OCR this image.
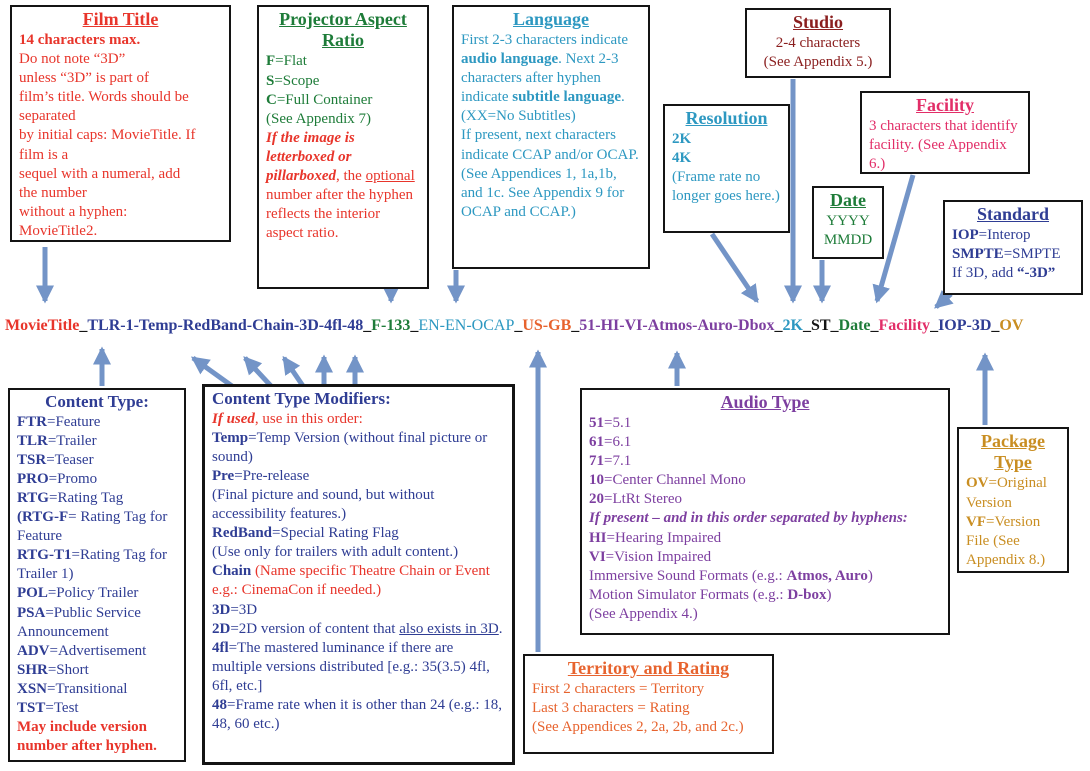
MovieTitle_TLR-1-Temp-RedBand-Chain-3D-4fl-48_F-133_EN-EN-OCAP_US-GB_51-HI-VI-Atmos-Auro-Dbox_2K_ST_Date_Facility_IOP-3D_OV
Film Title
14 characters max.
Do not note “3D”
unless “3D” is part of
film’s title. Words should be
separated
by initial caps: MovieTitle. If
film is a
sequel with a numeral, add
the number
without a hyphen:
MovieTitle2.
Projector Aspect Ratio
F=Flat
S=Scope
C=Full Container
(See Appendix 7)
If the image is letterboxed or pillarboxed, the optional number after the hyphen reflects the interior aspect ratio.
Language
First 2-3 characters indicate audio language. Next 2-3 characters after hyphen indicate subtitle language. (XX=No Subtitles)
If present, next characters indicate CCAP and/or OCAP. (See Appendices 1, 1a,1b, and 1c. See Appendix 9 for OCAP and CCAP.)
Studio
2-4 characters
(See Appendix 5.)
Resolution
2K
4K
(Frame rate no longer goes here.)
Facility
3 characters that identify facility. (See Appendix 6.)
Date
YYYY
MMDD
Standard
IOP=Interop
SMPTE=SMPTE
If 3D, add “-3D”
Content Type:
FTR=Feature
TLR=Trailer
TSR=Teaser
PRO=Promo
RTG=Rating Tag
(RTG-F= Rating Tag for Feature
RTG-T1=Rating Tag for Trailer 1)
POL=Policy Trailer
PSA=Public Service Announcement
ADV=Advertisement
SHR=Short
XSN=Transitional
TST=Test
May include version number after hyphen.
Content Type Modifiers:
If used, use in this order:
Temp=Temp Version (without final picture or sound)
Pre=Pre-release
(Final picture and sound, but without accessibility features.)
RedBand=Special Rating Flag
(Use only for trailers with adult content.)
Chain (Name specific Theatre Chain or Event e.g.: CinemaCon if needed.)
3D=3D
2D=2D version of content that also exists in 3D.
4fl=The mastered luminance if there are multiple versions distributed [e.g.: 35(3.5) 4fl, 6fl, etc.]
48=Frame rate when it is other than 24 (e.g.: 18, 48, 60 etc.)
Audio Type
51=5.1
61=6.1
71=7.1
10=Center Channel Mono
20=LtRt Stereo
If present – and in this order separated by hyphens:
HI=Hearing Impaired
VI=Vision Impaired
Immersive Sound Formats (e.g.: Atmos, Auro)
Motion Simulator Formats (e.g.: D-box)
(See Appendix 4.)
Territory and Rating
First 2 characters = Territory
Last 3 characters = Rating
(See Appendices 2, 2a, 2b, and 2c.)
Package Type
OV=Original Version
VF=Version File (See Appendix 8.)
